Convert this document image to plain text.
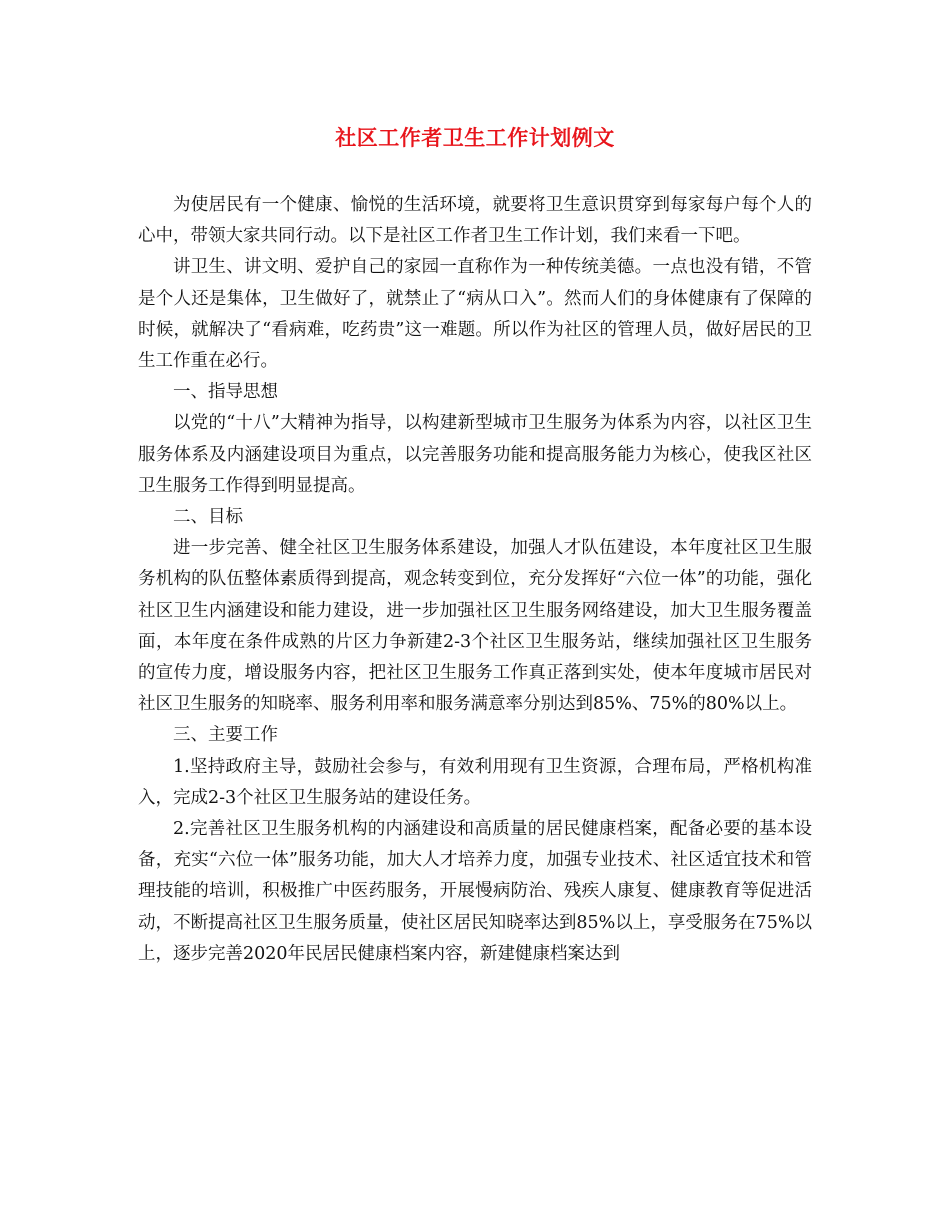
社区工作者卫生工作计划例文

为使居民有一个健康、愉悦的生活环境，就要将卫生意识贯穿到每家每户每个人的心中，带领大家共同行动。以下是社区工作者卫生工作计划，我们来看一下吧。

讲卫生、讲文明、爱护自己的家园一直称作为一种传统美德。一点也没有错，不管是个人还是集体，卫生做好了，就禁止了“病从口入”。然而人们的身体健康有了保障的时候，就解决了“看病难，吃药贵”这一难题。所以作为社区的管理人员，做好居民的卫生工作重在必行。

一、指导思想

以党的“十八”大精神为指导，以构建新型城市卫生服务为体系为内容，以社区卫生服务体系及内涵建设项目为重点，以完善服务功能和提高服务能力为核心，使我区社区卫生服务工作得到明显提高。

二、目标

进一步完善、健全社区卫生服务体系建设，加强人才队伍建设，本年度社区卫生服务机构的队伍整体素质得到提高，观念转变到位，充分发挥好“六位一体”的功能，强化社区卫生内涵建设和能力建设，进一步加强社区卫生服务网络建设，加大卫生服务覆盖面，本年度在条件成熟的片区力争新建2-3个社区卫生服务站，继续加强社区卫生服务的宣传力度，增设服务内容，把社区卫生服务工作真正落到实处，使本年度城市居民对社区卫生服务的知晓率、服务利用率和服务满意率分别达到85%、75%的80%以上。

三、主要工作

1.坚持政府主导，鼓励社会参与，有效利用现有卫生资源，合理布局，严格机构准入，完成2-3个社区卫生服务站的建设任务。

2.完善社区卫生服务机构的内涵建设和高质量的居民健康档案，配备必要的基本设备，充实“六位一体”服务功能，加大人才培养力度，加强专业技术、社区适宜技术和管理技能的培训，积极推广中医药服务，开展慢病防治、残疾人康复、健康教育等促进活动，不断提高社区卫生服务质量，使社区居民知晓率达到85%以上，享受服务在75%以上，逐步完善2020年民居民健康档案内容，新建健康档案达到
